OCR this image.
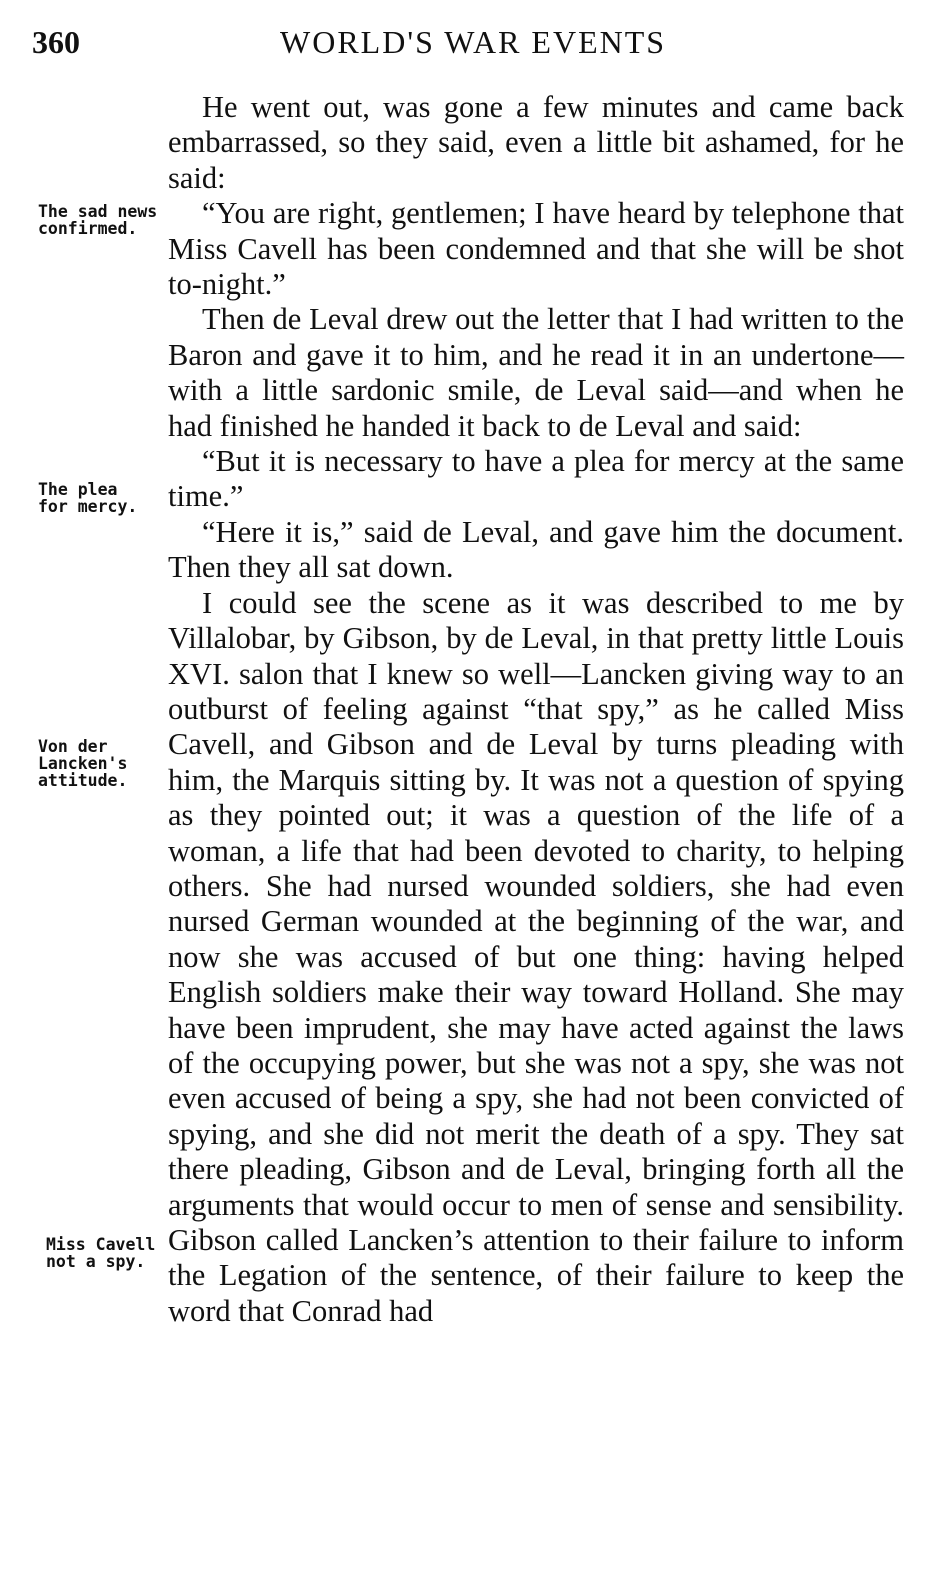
360	WORLD'S WAR EVENTS
The sad news confirmed.
The plea for mercy.
Von der Lancken's attitude.
Miss Cavell not a spy.

He went out, was gone a few minutes and came back embarrassed, so they said, even a little bit ashamed, for he said:

“You are right, gentlemen; I have heard by telephone that Miss Cavell has been condemned and that she will be shot to-night.”

Then de Leval drew out the letter that I had written to the Baron and gave it to him, and he read it in an undertone—with a little sardonic smile, de Leval said—and when he had finished he handed it back to de Leval and said:

“But it is necessary to have a plea for mercy at the same time.”

“Here it is,” said de Leval, and gave him the document. Then they all sat down.

I could see the scene as it was described to me by Villalobar, by Gibson, by de Leval, in that pretty little Louis XVI. salon that I knew so well—Lancken giving way to an outburst of feeling against “that spy,” as he called Miss Cavell, and Gibson and de Leval by turns pleading with him, the Marquis sitting by. It was not a question of spying as they pointed out; it was a question of the life of a woman, a life that had been devoted to charity, to helping others. She had nursed wounded soldiers, she had even nursed German wounded at the beginning of the war, and now she was accused of but one thing: having helped English soldiers make their way toward Holland. She may have been imprudent, she may have acted against the laws of the occupying power, but she was not a spy, she was not even accused of being a spy, she had not been convicted of spying, and she did not merit the death of a spy. They sat there pleading, Gibson and de Leval, bringing forth all the arguments that would occur to men of sense and sensibility. Gibson called Lancken’s attention to their failure to inform the Legation of the sentence, of their failure to keep the word that Conrad had
